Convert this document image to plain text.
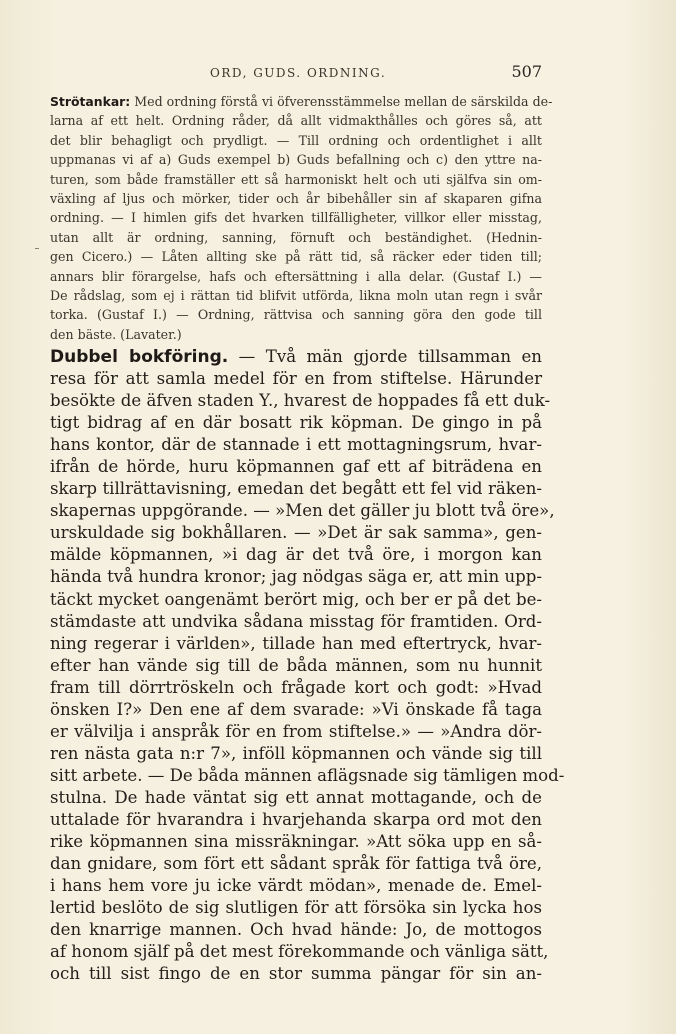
ORD, GUDS. ORDNING.	507
Strötankar: Med ordning förstå vi öfverensstämmelse mellan de särskilda de-
larna af ett helt. Ordning råder, då allt vidmakthålles och göres så, att
det blir behagligt och prydligt. — Till ordning och ordentlighet i allt
uppmanas vi af a) Guds exempel b) Guds befallning och c) den yttre na-
turen, som både framställer ett så harmoniskt helt och uti själfva sin om-
växling af ljus och mörker, tider och år bibehåller sin af skaparen gifna
ordning. — I himlen gifs det hvarken tillfälligheter, villkor eller misstag,
utan allt är ordning, sanning, förnuft och beständighet. (Hednin-
gen Cicero.) — Låten allting ske på rätt tid, så räcker eder tiden till;
annars blir förargelse, hafs och eftersättning i alla delar. (Gustaf I.) —
De rådslag, som ej i rättan tid blifvit utförda, likna moln utan regn i svår
torka. (Gustaf I.) — Ordning, rättvisa och sanning göra den gode till
den bäste. (Lavater.)
Dubbel bokföring. — Två män gjorde tillsamman en
resa för att samla medel för en from stiftelse. Härunder
besökte de äfven staden Y., hvarest de hoppades få ett duk-
tigt bidrag af en där bosatt rik köpman. De gingo in på
hans kontor, där de stannade i ett mottagningsrum, hvar-
ifrån de hörde, huru köpmannen gaf ett af biträdena en
skarp tillrättavisning, emedan det begått ett fel vid räken-
skapernas uppgörande. — »Men det gäller ju blott två öre»,
urskuldade sig bokhållaren. — »Det är sak samma», gen-
mälde köpmannen, »i dag är det två öre, i morgon kan
hända två hundra kronor; jag nödgas säga er, att min upp-
täckt mycket oangenämt berört mig, och ber er på det be-
stämdaste att undvika sådana misstag för framtiden. Ord-
ning regerar i världen», tillade han med eftertryck, hvar-
efter han vände sig till de båda männen, som nu hunnit
fram till dörrtröskeln och frågade kort och godt: »Hvad
önsken I?» Den ene af dem svarade: »Vi önskade få taga
er välvilja i anspråk för en from stiftelse.» — »Andra dör-
ren nästa gata n:r 7», inföll köpmannen och vände sig till
sitt arbete. — De båda männen aflägsnade sig tämligen mod-
stulna. De hade väntat sig ett annat mottagande, och de
uttalade för hvarandra i hvarjehanda skarpa ord mot den
rike köpmannen sina missräkningar. »Att söka upp en så-
dan gnidare, som fört ett sådant språk för fattiga två öre,
i hans hem vore ju icke värdt mödan», menade de. Emel-
lertid beslöto de sig slutligen för att försöka sin lycka hos
den knarrige mannen. Och hvad hände: Jo, de mottogos
af honom själf på det mest förekommande och vänliga sätt,
och till sist fingo de en stor summa pängar för sin an-
